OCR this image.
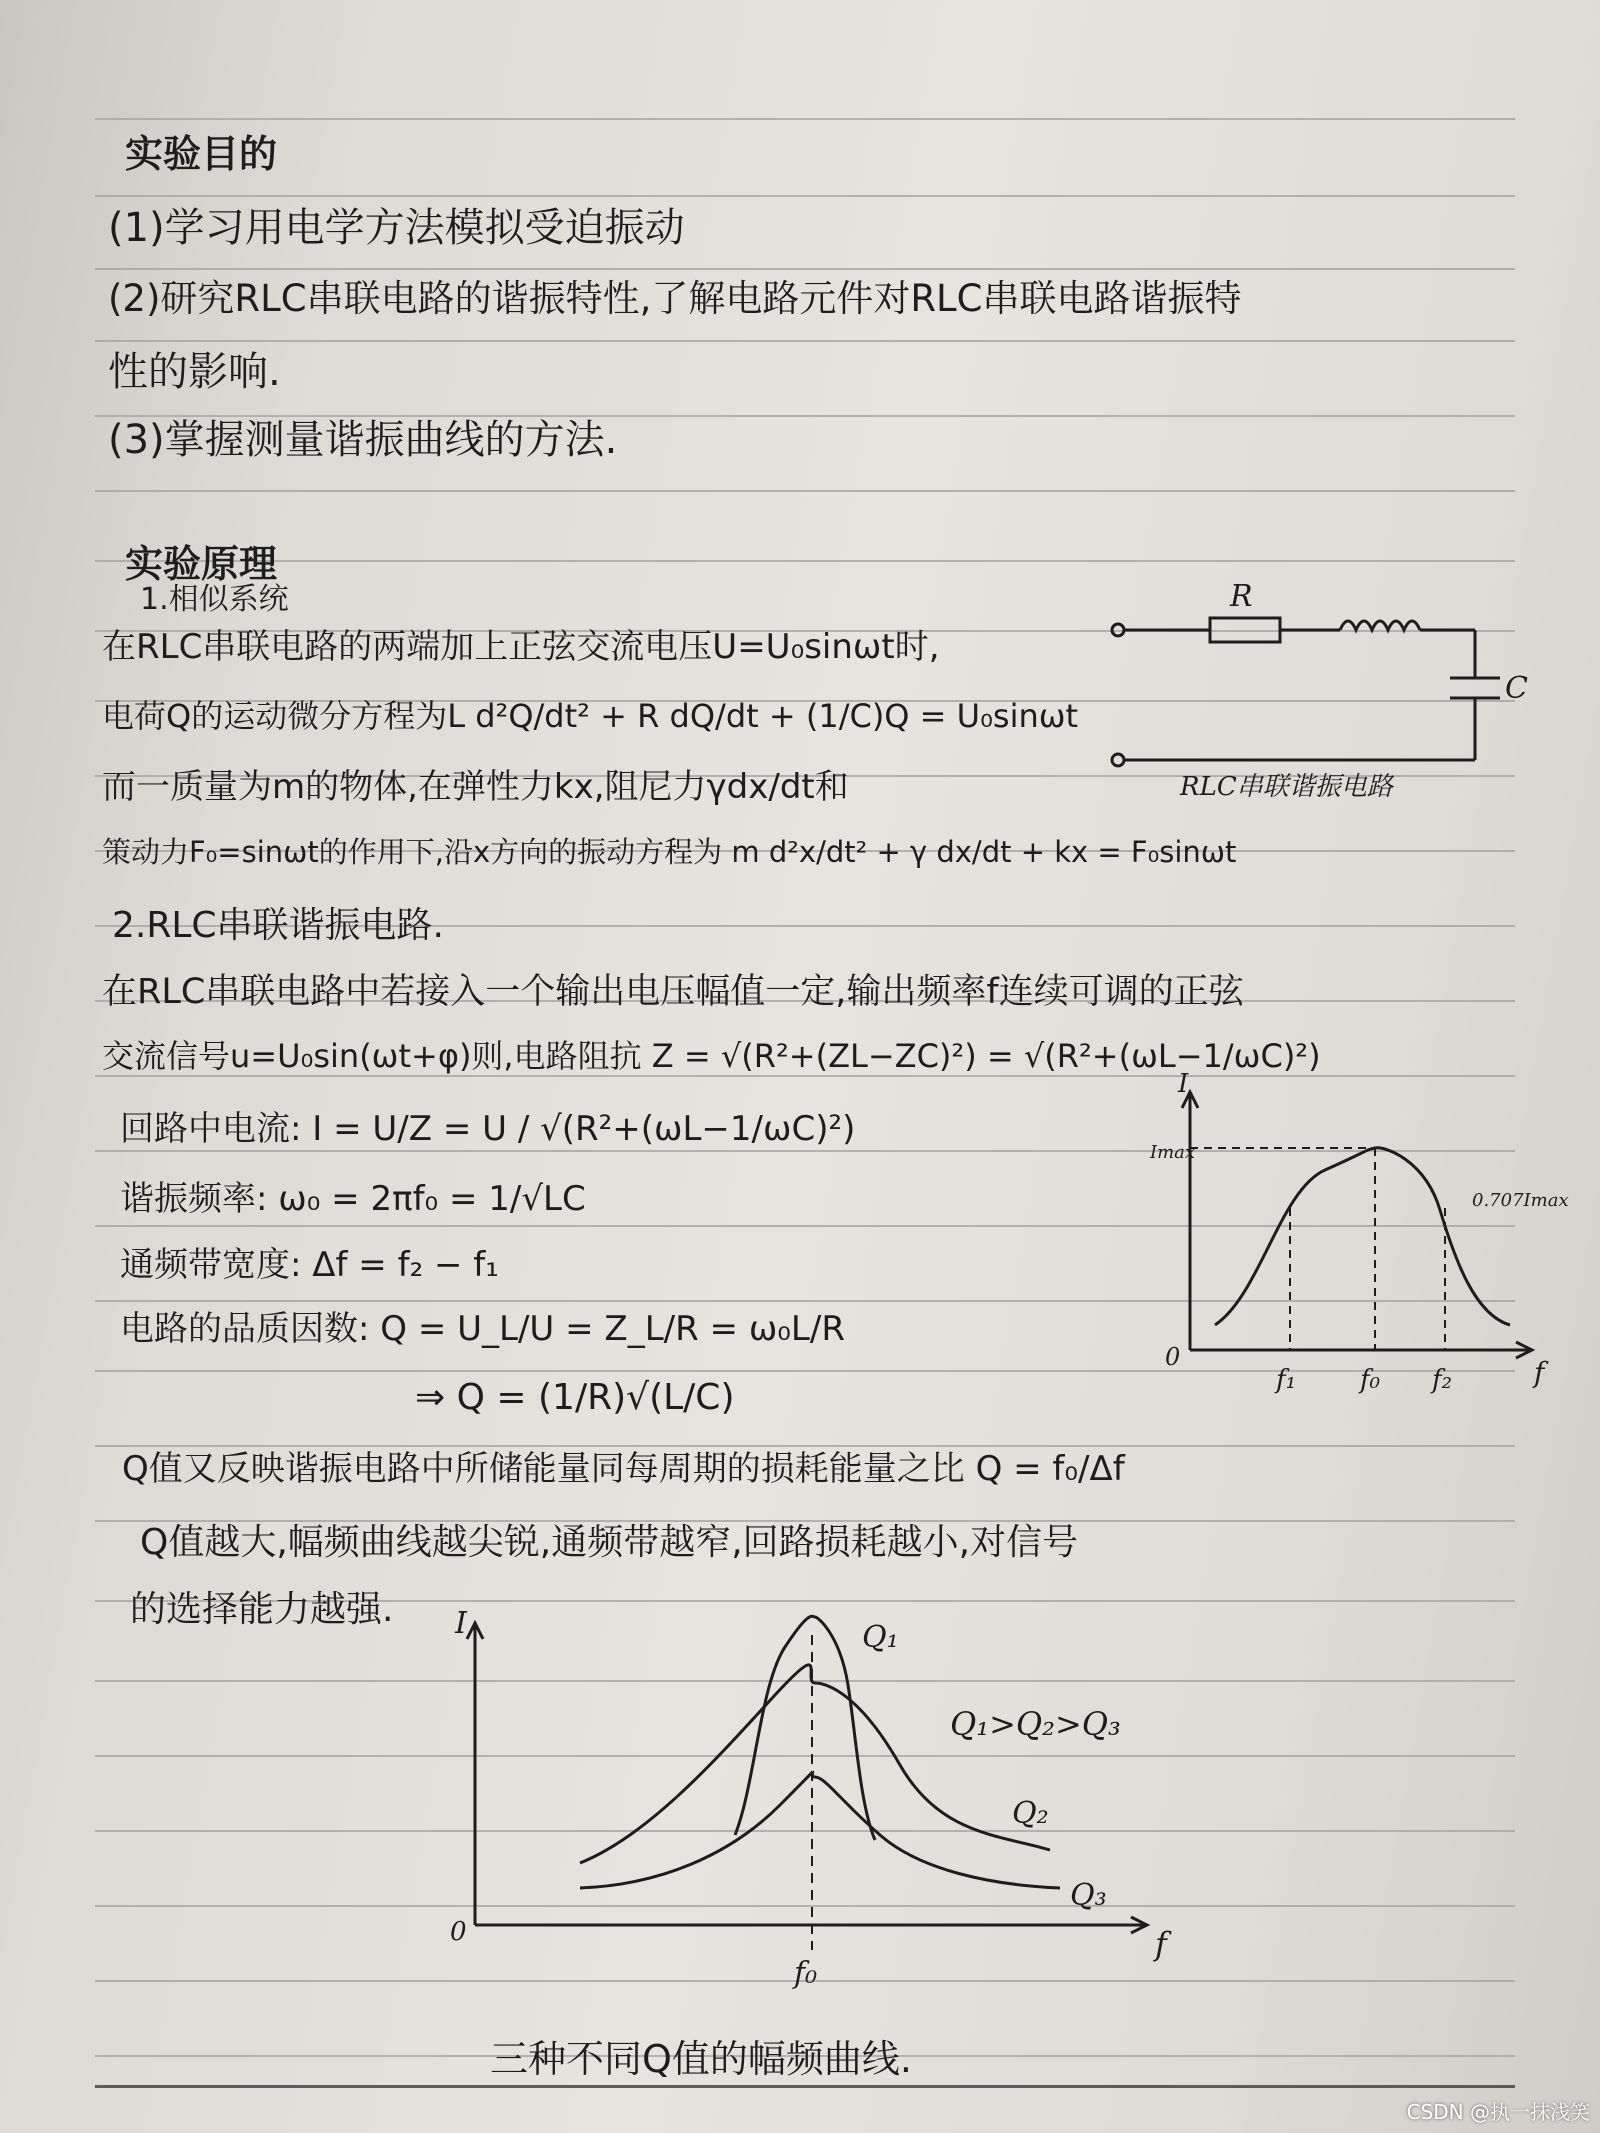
实验目的
(1)学习用电学方法模拟受迫振动
(2)研究RLC串联电路的谐振特性,了解电路元件对RLC串联电路谐振特
性的影响.
(3)掌握测量谐振曲线的方法.
实验原理
1.相似系统
在RLC串联电路的两端加上正弦交流电压U=U₀sinωt时,
电荷Q的运动微分方程为L d²Q/dt² + R dQ/dt + (1/C)Q = U₀sinωt
而一质量为m的物体,在弹性力kx,阻尼力γdx/dt和
策动力F₀=sinωt的作用下,沿x方向的振动方程为 m d²x/dt² + γ dx/dt + kx = F₀sinωt
2.RLC串联谐振电路.
在RLC串联电路中若接入一个输出电压幅值一定,输出频率f连续可调的正弦
交流信号u=U₀sin(ωt+φ)则,电路阻抗 Z = √(R²+(ZL−ZC)²) = √(R²+(ωL−1/ωC)²)
回路中电流: I = U/Z = U / √(R²+(ωL−1/ωC)²)
谐振频率: ω₀ = 2πf₀ = 1/√LC
通频带宽度: Δf = f₂ − f₁
电路的品质因数: Q = U_L/U = Z_L/R = ω₀L/R
⇒ Q = (1/R)√(L/C)
Q值又反映谐振电路中所储能量同每周期的损耗能量之比 Q = f₀/Δf
Q值越大,幅频曲线越尖锐,通频带越窄,回路损耗越小,对信号
的选择能力越强.
三种不同Q值的幅频曲线.
R
C
RLC串联谐振电路
I
Imax
0.707Imax
0	f
f₁ f₀ f₂
I
0	f
f₀
Q₁
Q₂
Q₃
Q₁>Q₂>Q₃
CSDN @执一抹浅笑
